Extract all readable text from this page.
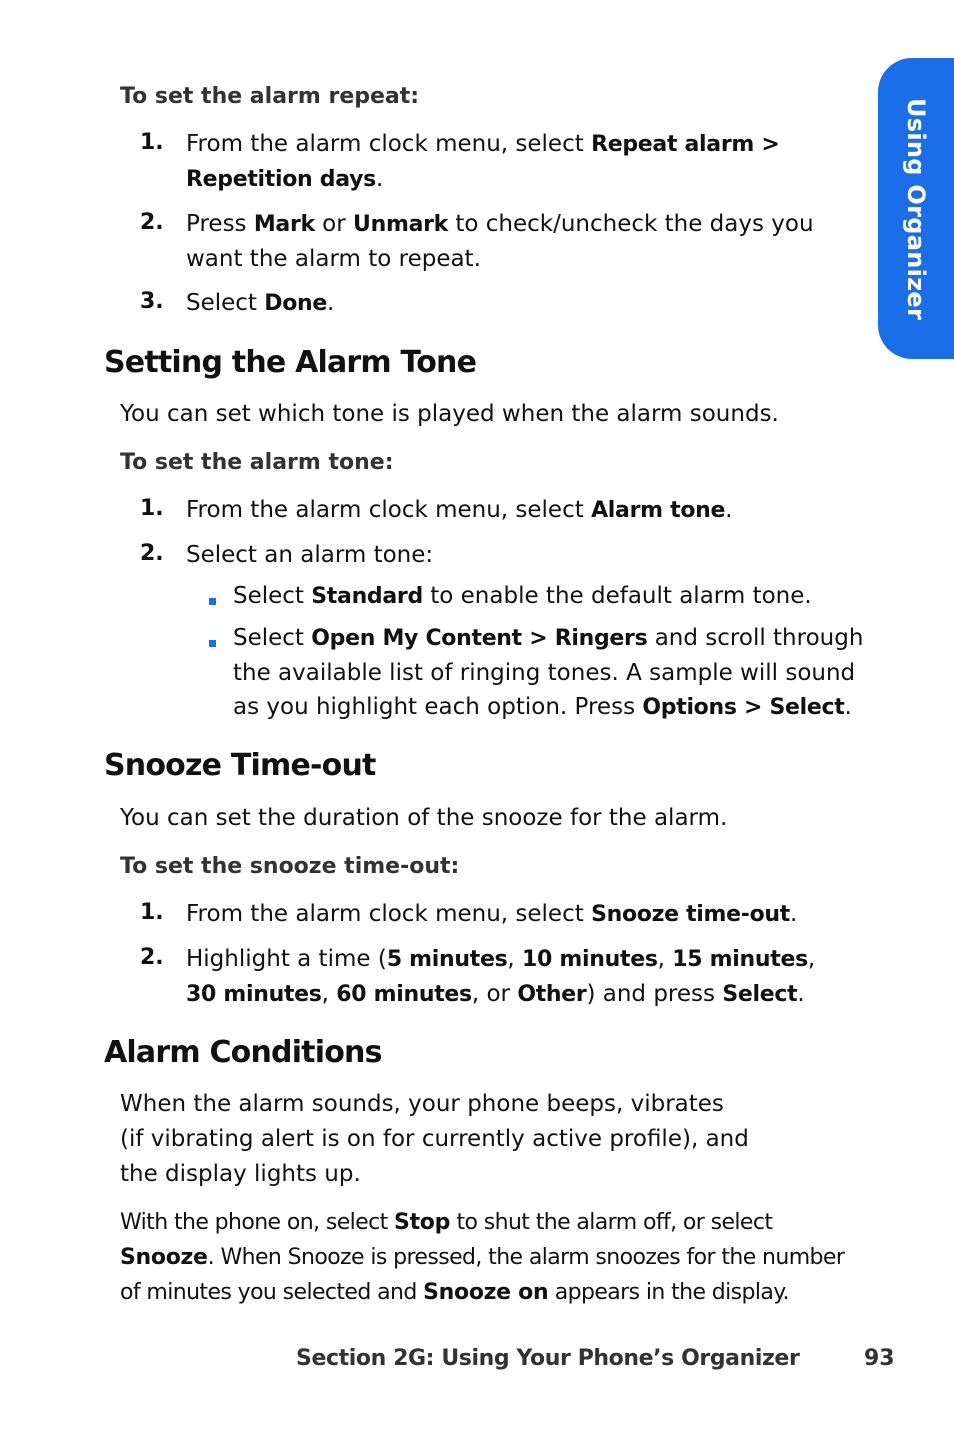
Using Organizer
To set the alarm repeat:
1. From the alarm clock menu, select Repeat alarm >
Repetition days.
2. Press Mark or Unmark to check/uncheck the days you
want the alarm to repeat.
3. Select Done.
Setting the Alarm Tone
You can set which tone is played when the alarm sounds.
To set the alarm tone:
1. From the alarm clock menu, select Alarm tone.
2. Select an alarm tone:
Select Standard to enable the default alarm tone.
Select Open My Content > Ringers and scroll through
the available list of ringing tones. A sample will sound
as you highlight each option. Press Options > Select.
Snooze Time-out
You can set the duration of the snooze for the alarm.
To set the snooze time-out:
1. From the alarm clock menu, select Snooze time-out.
2. Highlight a time (5 minutes, 10 minutes, 15 minutes,
30 minutes, 60 minutes, or Other) and press Select.
Alarm Conditions
When the alarm sounds, your phone beeps, vibrates
(if vibrating alert is on for currently active profile), and
the display lights up.
With the phone on, select Stop to shut the alarm off, or select
Snooze. When Snooze is pressed, the alarm snoozes for the number
of minutes you selected and Snooze on appears in the display.
Section 2G: Using Your Phone’s Organizer	93
